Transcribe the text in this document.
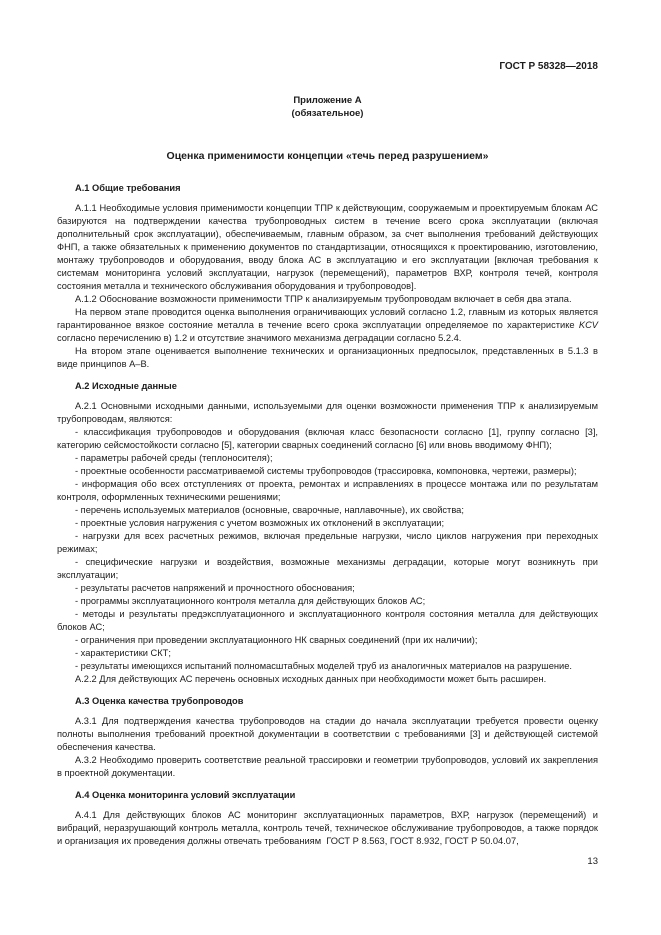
ГОСТ Р 58328—2018
Приложение А
(обязательное)
Оценка применимости концепции «течь перед разрушением»

А.1 Общие требования

А.1.1 Необходимые условия применимости концепции ТПР к действующим, сооружаемым и проектируемым блокам АС базируются на подтверждении качества трубопроводных систем в течение всего срока эксплуатации (включая дополнительный срок эксплуатации), обеспечиваемым, главным образом, за счет выполнения требований действующих ФНП, а также обязательных к применению документов по стандартизации, относящихся к проектированию, изготовлению, монтажу трубопроводов и оборудования, вводу блока АС в эксплуатацию и его эксплуатации [включая требования к системам мониторинга условий эксплуатации, нагрузок (перемещений), параметров ВХР, контроля течей, контроля состояния металла и технического обслуживания оборудования и трубопроводов].

А.1.2 Обоснование возможности применимости ТПР к анализируемым трубопроводам включает в себя два этапа.

На первом этапе проводится оценка выполнения ограничивающих условий согласно 1.2, главным из которых является гарантированное вязкое состояние металла в течение всего срока эксплуатации определяемое по характеристике KCV согласно перечислению в) 1.2 и отсутствие значимого механизма деградации согласно 5.2.4.

На втором этапе оценивается выполнение технических и организационных предпосылок, представленных в 5.1.3 в виде принципов А–В.

А.2 Исходные данные

А.2.1 Основными исходными данными, используемыми для оценки возможности применения ТПР к анализируемым трубопроводам, являются:

- классификация трубопроводов и оборудования (включая класс безопасности согласно [1], группу согласно [3], категорию сейсмостойкости согласно [5], категории сварных соединений согласно [6] или вновь вводимому ФНП);

- параметры рабочей среды (теплоносителя);

- проектные особенности рассматриваемой системы трубопроводов (трассировка, компоновка, чертежи, размеры);

- информация обо всех отступлениях от проекта, ремонтах и исправлениях в процессе монтажа или по результатам контроля, оформленных техническими решениями;

- перечень используемых материалов (основные, сварочные, наплавочные), их свойства;

- проектные условия нагружения с учетом возможных их отклонений в эксплуатации;

- нагрузки для всех расчетных режимов, включая предельные нагрузки, число циклов нагружения при переходных режимах;

- специфические нагрузки и воздействия, возможные механизмы деградации, которые могут возникнуть при эксплуатации;

- результаты расчетов напряжений и прочностного обоснования;

- программы эксплуатационного контроля металла для действующих блоков АС;

- методы и результаты предэксплуатационного и эксплуатационного контроля состояния металла для действующих блоков АС;

- ограничения при проведении эксплуатационного НК сварных соединений (при их наличии);

- характеристики СКТ;

- результаты имеющихся испытаний полномасштабных моделей труб из аналогичных материалов на разрушение.

А.2.2 Для действующих АС перечень основных исходных данных при необходимости может быть расширен.

А.3 Оценка качества трубопроводов

А.3.1 Для подтверждения качества трубопроводов на стадии до начала эксплуатации требуется провести оценку полноты выполнения требований проектной документации в соответствии с требованиями [3] и действующей системой обеспечения качества.

А.3.2 Необходимо проверить соответствие реальной трассировки и геометрии трубопроводов, условий их закрепления в проектной документации.

А.4 Оценка мониторинга условий эксплуатации

А.4.1 Для действующих блоков АС мониторинг эксплуатационных параметров, ВХР, нагрузок (перемещений) и вибраций, неразрушающий контроль металла, контроль течей, техническое обслуживание трубопроводов, а также порядок и организация их проведения должны отвечать требованиям  ГОСТ Р 8.563, ГОСТ 8.932, ГОСТ Р 50.04.07,

13
